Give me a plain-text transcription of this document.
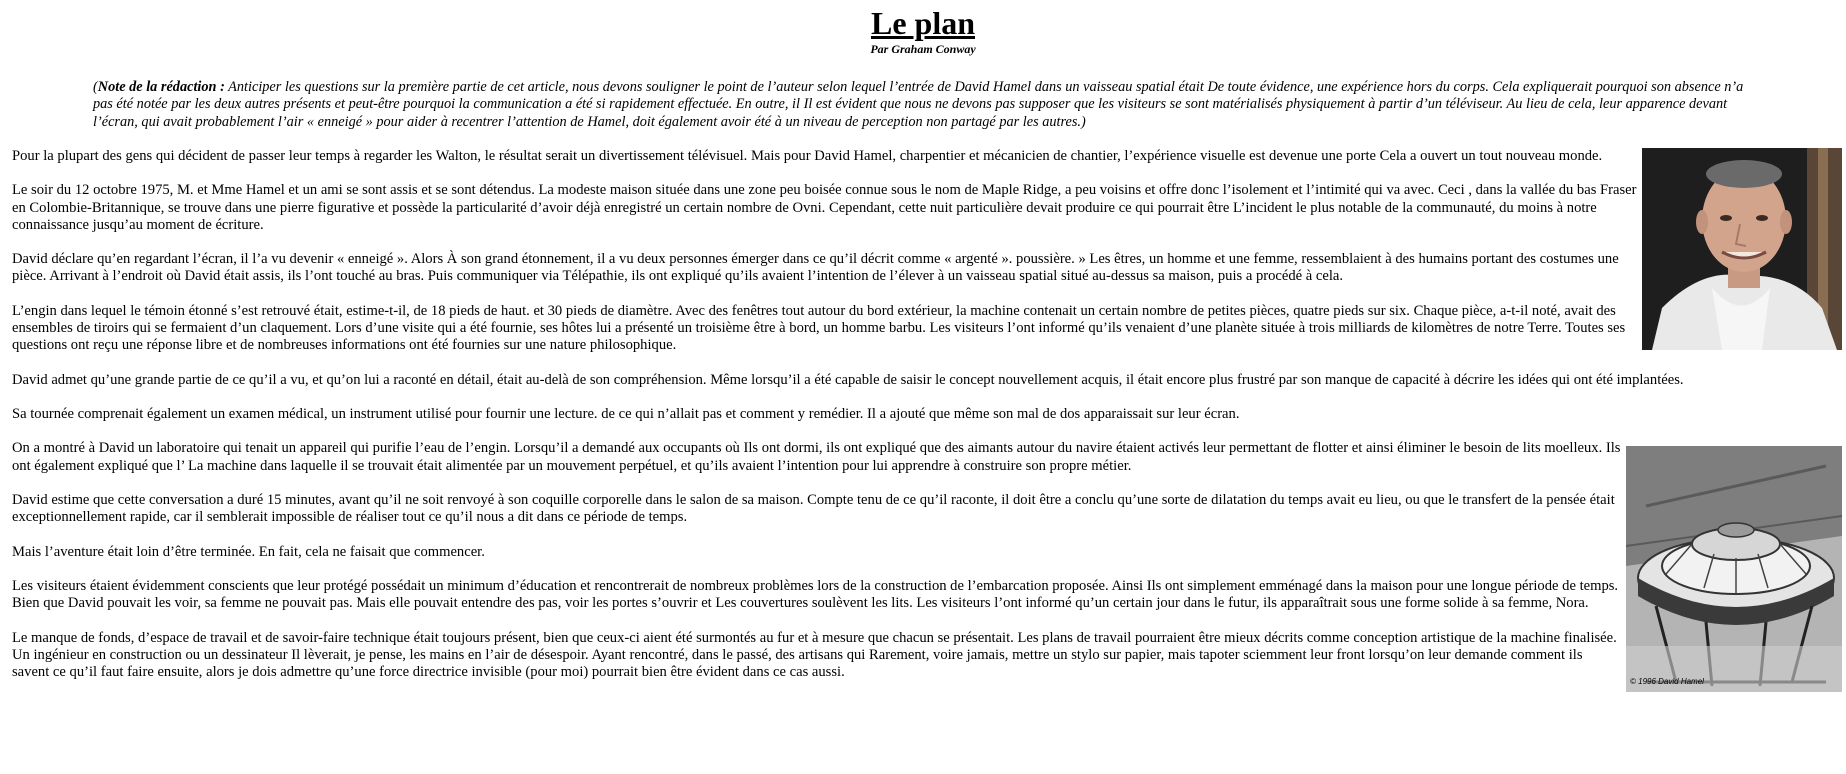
Le plan
Par Graham Conway
(Note de la rédaction : Anticiper les questions sur la première partie de cet article, nous devons souligner le point de l’auteur selon lequel l’entrée de David Hamel dans un vaisseau spatial était De toute évidence, une expérience hors du corps. Cela expliquerait pourquoi son absence n’a pas été notée par les deux autres présents et peut-être pourquoi la communication a été si rapidement effectuée. En outre, il Il est évident que nous ne devons pas supposer que les visiteurs se sont matérialisés physiquement à partir d’un téléviseur. Au lieu de cela, leur apparence devant l’écran, qui avait probablement l’air « enneigé » pour aider à recentrer l’attention de Hamel, doit également avoir été à un niveau de perception non partagé par les autres.)

Pour la plupart des gens qui décident de passer leur temps à regarder les Walton, le résultat serait un divertissement télévisuel. Mais pour David Hamel, charpentier et mécanicien de chantier, l’expérience visuelle est devenue une porte Cela a ouvert un tout nouveau monde.

Le soir du 12 octobre 1975, M. et Mme Hamel et un ami se sont assis et se sont détendus. La modeste maison située dans une zone peu boisée connue sous le nom de Maple Ridge, a peu voisins et offre donc l’isolement et l’intimité qui va avec. Ceci , dans la vallée du bas Fraser en Colombie-Britannique, se trouve dans une pierre figurative et possède la particularité d’avoir déjà enregistré un certain nombre de Ovni. Cependant, cette nuit particulière devait produire ce qui pourrait être L’incident le plus notable de la communauté, du moins à notre connaissance jusqu’au moment de écriture.

David déclare qu’en regardant l’écran, il l’a vu devenir « enneigé ». Alors À son grand étonnement, il a vu deux personnes émerger dans ce qu’il décrit comme « argenté ». poussière. » Les êtres, un homme et une femme, ressemblaient à des humains portant des costumes une pièce. Arrivant à l’endroit où David était assis, ils l’ont touché au bras. Puis communiquer via Télépathie, ils ont expliqué qu’ils avaient l’intention de l’élever à un vaisseau spatial situé au-dessus sa maison, puis a procédé à cela.

L’engin dans lequel le témoin étonné s’est retrouvé était, estime-t-il, de 18 pieds de haut. et 30 pieds de diamètre. Avec des fenêtres tout autour du bord extérieur, la machine contenait un certain nombre de petites pièces, quatre pieds sur six. Chaque pièce, a-t-il noté, avait des ensembles de tiroirs qui se fermaient d’un claquement. Lors d’une visite qui a été fournie, ses hôtes lui a présenté un troisième être à bord, un homme barbu. Les visiteurs l’ont informé qu’ils venaient d’une planète située à trois milliards de kilomètres de notre Terre. Toutes ses questions ont reçu une réponse libre et de nombreuses informations ont été fournies sur une nature philosophique.

David admet qu’une grande partie de ce qu’il a vu, et qu’on lui a raconté en détail, était au-delà de son compréhension. Même lorsqu’il a été capable de saisir le concept nouvellement acquis, il était encore plus frustré par son manque de capacité à décrire les idées qui ont été implantées.

Sa tournée comprenait également un examen médical, un instrument utilisé pour fournir une lecture. de ce qui n’allait pas et comment y remédier. Il a ajouté que même son mal de dos apparaissait sur leur écran.

© 1996 David Hamel

On a montré à David un laboratoire qui tenait un appareil qui purifie l’eau de l’engin. Lorsqu’il a demandé aux occupants où Ils ont dormi, ils ont expliqué que des aimants autour du navire étaient activés leur permettant de flotter et ainsi éliminer le besoin de lits moelleux. Ils ont également expliqué que l’ La machine dans laquelle il se trouvait était alimentée par un mouvement perpétuel, et qu’ils avaient l’intention pour lui apprendre à construire son propre métier.

David estime que cette conversation a duré 15 minutes, avant qu’il ne soit renvoyé à son coquille corporelle dans le salon de sa maison. Compte tenu de ce qu’il raconte, il doit être a conclu qu’une sorte de dilatation du temps avait eu lieu, ou que le transfert de la pensée était exceptionnellement rapide, car il semblerait impossible de réaliser tout ce qu’il nous a dit dans ce période de temps.

Mais l’aventure était loin d’être terminée. En fait, cela ne faisait que commencer.

Les visiteurs étaient évidemment conscients que leur protégé possédait un minimum d’éducation et rencontrerait de nombreux problèmes lors de la construction de l’embarcation proposée. Ainsi Ils ont simplement emménagé dans la maison pour une longue période de temps. Bien que David pouvait les voir, sa femme ne pouvait pas. Mais elle pouvait entendre des pas, voir les portes s’ouvrir et Les couvertures soulèvent les lits. Les visiteurs l’ont informé qu’un certain jour dans le futur, ils apparaîtrait sous une forme solide à sa femme, Nora.

Le manque de fonds, d’espace de travail et de savoir-faire technique était toujours présent, bien que ceux-ci aient été surmontés au fur et à mesure que chacun se présentait. Les plans de travail pourraient être mieux décrits comme conception artistique de la machine finalisée. Un ingénieur en construction ou un dessinateur Il lèverait, je pense, les mains en l’air de désespoir. Ayant rencontré, dans le passé, des artisans qui Rarement, voire jamais, mettre un stylo sur papier, mais tapoter sciemment leur front lorsqu’on leur demande comment ils savent ce qu’il faut faire ensuite, alors je dois admettre qu’une force directrice invisible (pour moi) pourrait bien être évident dans ce cas aussi.
